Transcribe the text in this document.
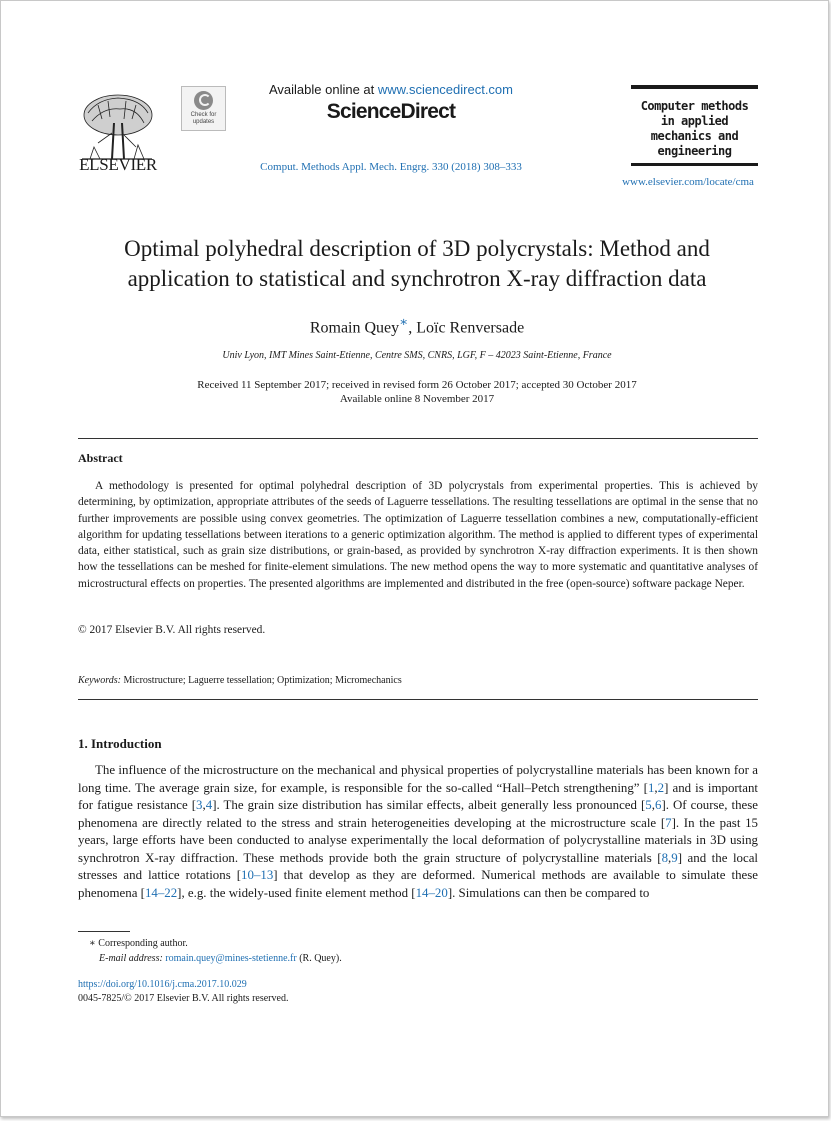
ELSEVIER
Check for updates
Available online at www.sciencedirect.com
ScienceDirect
Comput. Methods Appl. Mech. Engrg. 330 (2018) 308–333
Computer methods
in applied
mechanics and
engineering
www.elsevier.com/locate/cma
Optimal polyhedral description of 3D polycrystals: Method and
application to statistical and synchrotron X-ray diffraction data
Romain Quey∗, Loïc Renversade
Univ Lyon, IMT Mines Saint-Etienne, Centre SMS, CNRS, LGF, F – 42023 Saint-Etienne, France
Received 11 September 2017; received in revised form 26 October 2017; accepted 30 October 2017
Available online 8 November 2017
Abstract
A methodology is presented for optimal polyhedral description of 3D polycrystals from experimental properties. This is achieved by determining, by optimization, appropriate attributes of the seeds of Laguerre tessellations. The resulting tessellations are optimal in the sense that no further improvements are possible using convex geometries. The optimization of Laguerre tessellation combines a new, computationally-efficient algorithm for updating tessellations between iterations to a generic optimization algorithm. The method is applied to different types of experimental data, either statistical, such as grain size distributions, or grain-based, as provided by synchrotron X-ray diffraction experiments. It is then shown how the tessellations can be meshed for finite-element simulations. The new method opens the way to more systematic and quantitative analyses of microstructural effects on properties. The presented algorithms are implemented and distributed in the free (open-source) software package Neper.
© 2017 Elsevier B.V. All rights reserved.
Keywords: Microstructure; Laguerre tessellation; Optimization; Micromechanics
1. Introduction
The influence of the microstructure on the mechanical and physical properties of polycrystalline materials has been known for a long time. The average grain size, for example, is responsible for the so-called “Hall–Petch strengthening” [1,2] and is important for fatigue resistance [3,4]. The grain size distribution has similar effects, albeit generally less pronounced [5,6]. Of course, these phenomena are directly related to the stress and strain heterogeneities developing at the microstructure scale [7]. In the past 15 years, large efforts have been conducted to analyse experimentally the local deformation of polycrystalline materials in 3D using synchrotron X-ray diffraction. These methods provide both the grain structure of polycrystalline materials [8,9] and the local stresses and lattice rotations [10–13] that develop as they are deformed. Numerical methods are available to simulate these phenomena [14–22], e.g. the widely-used finite element method [14–20]. Simulations can then be compared to
∗ Corresponding author.
E-mail address: romain.quey@mines-stetienne.fr (R. Quey).
https://doi.org/10.1016/j.cma.2017.10.029
0045-7825/© 2017 Elsevier B.V. All rights reserved.
